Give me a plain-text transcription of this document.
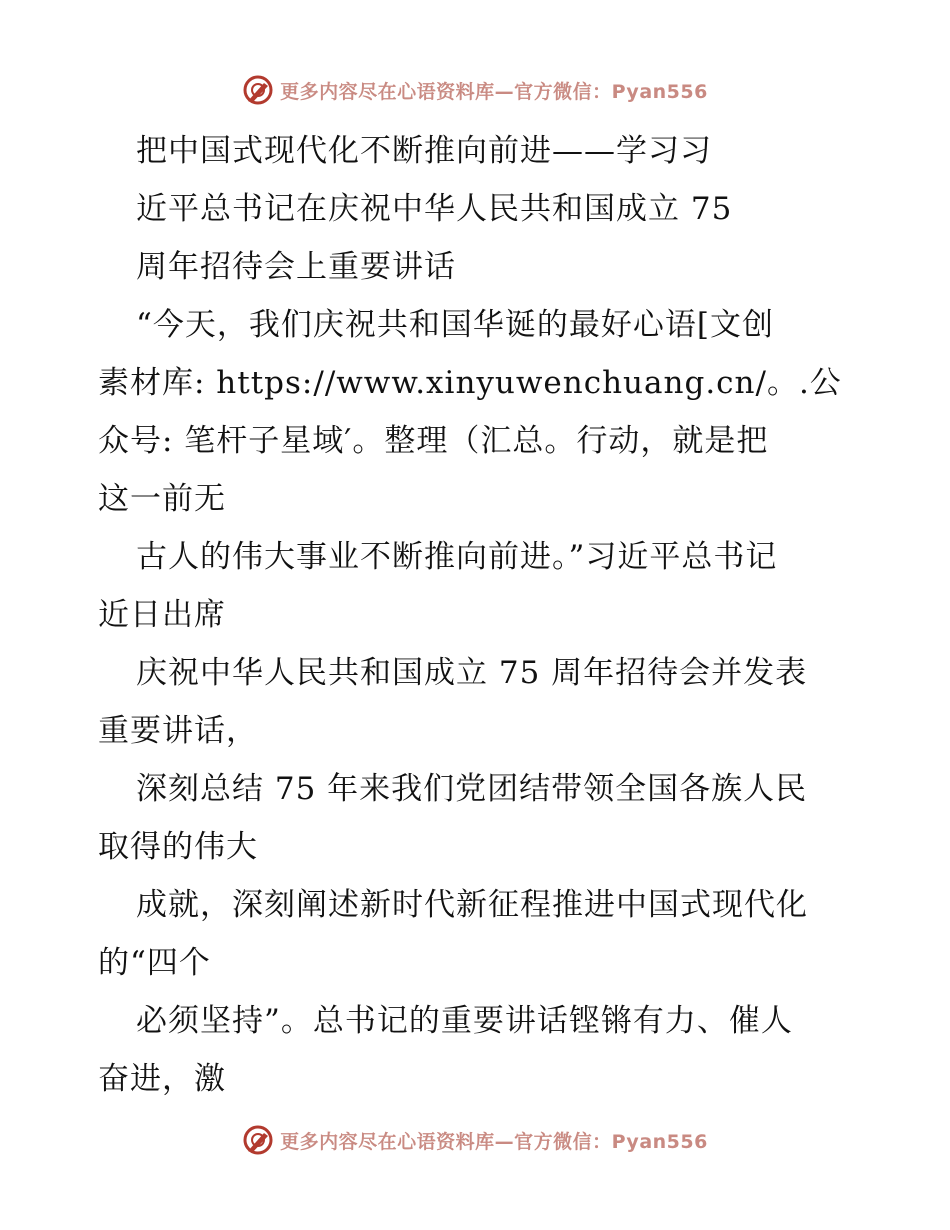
更多内容尽在心语资料库—官方微信：Pyan556
把中国式现代化不断推向前进——学习习
近平总书记在庆祝中华人民共和国成立 75
周年招待会上重要讲话
“今天，我们庆祝共和国华诞的最好心语[文创
素材库: https://www.xinyuwenchuang.cn/。.公
众号: 笔杆子星域′。整理（汇总。行动，就是把
这一前无
古人的伟大事业不断推向前进。”习近平总书记
近日出席
庆祝中华人民共和国成立 75 周年招待会并发表
重要讲话，
深刻总结 75 年来我们党团结带领全国各族人民
取得的伟大
成就，深刻阐述新时代新征程推进中国式现代化
的“四个
必须坚持”。总书记的重要讲话铿锵有力、催人
奋进，激
更多内容尽在心语资料库—官方微信：Pyan556
